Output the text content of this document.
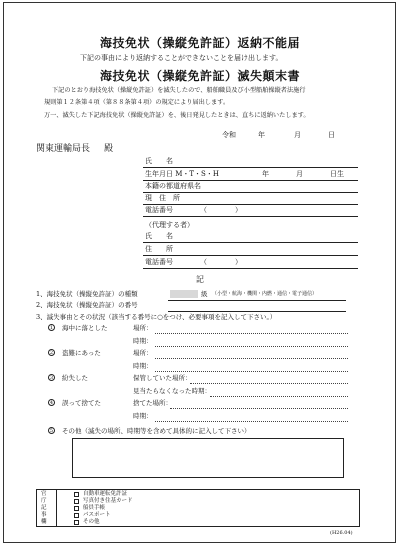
海技免状（操縦免許証）返納不能届
下記の事由により返納することができないことを届け出します。
海技免状（操縦免許証）滅失顛末書
下記のとおり海技免状（操縦免許証）を滅失したので、船舶職員及び小型船舶操縦者法施行
規則第１２条第４項（第８８条第４項）の規定により届出します。
万一、滅失した下記海技免状（操縦免許証）を、後日発見したときは、直ちに返納いたします。
令和	年	月	日
関東運輸局長 殿
氏　　名
生年月日 M・T・S・H	年	月	日生
本籍の都道府県名
現　住　所
電話番号	（　　　　）
（代理する者）
氏　　名
住　　所
電話番号	（　　　　）
記
1、海技免状（操縦免許証）の種類	級 （小型・航海・機関・内燃・通信・電子通信）
2、海技免状（操縦免許証）の番号
3、滅失事由とその状況（該当する番号に○をつけ、必要事項を記入して下さい。）
1 海中に落とした	場所：
時期：
2 盗難にあった	場所：
時期：
3 紛失した	保管していた場所：
見当たらなくなった時期：
4 誤って捨てた	捨てた場所：
時期：
5 その他（滅失の場所、時期等を含めて具体的に記入して下さい）
官
庁
記
事
欄
自動車運転免許証
写真付き住基カード
船員手帳
パスポート
その他
(H26.04)
